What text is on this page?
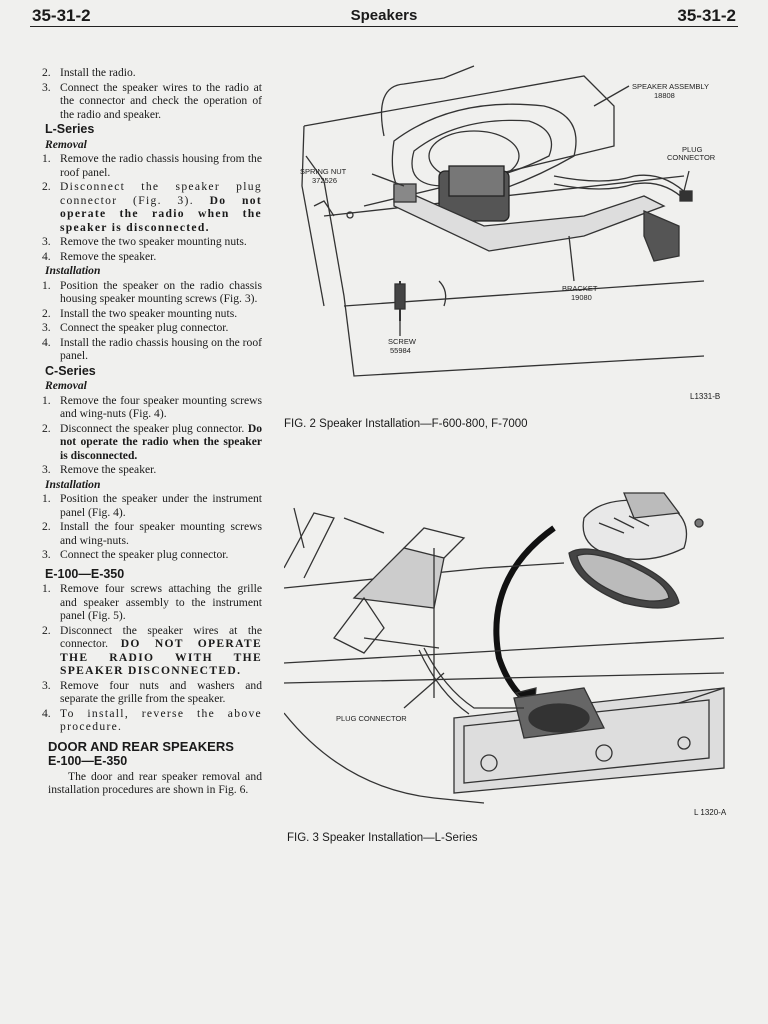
35-31-2	Speakers	35-31-2
2. Install the radio.
3. Connect the speaker wires to the radio at the connector and check the operation of the radio and speaker.
L-Series
Removal
1. Remove the radio chassis housing from the roof panel.
2. Disconnect the speaker plug connector (Fig. 3). Do not operate the radio when the speaker is disconnected.
3. Remove the two speaker mounting nuts.
4. Remove the speaker.
Installation
1. Position the speaker on the radio chassis housing speaker mounting screws (Fig. 3).
2. Install the two speaker mounting nuts.
3. Connect the speaker plug connector.
4. Install the radio chassis housing on the roof panel.
C-Series
Removal
1. Remove the four speaker mounting screws and wing-nuts (Fig. 4).
2. Disconnect the speaker plug connector. Do not operate the radio when the speaker is disconnected.
3. Remove the speaker.
Installation
1. Position the speaker under the instrument panel (Fig. 4).
2. Install the four speaker mounting screws and wing-nuts.
3. Connect the speaker plug connector.
E-100—E-350
1. Remove four screws attaching the grille and speaker assembly to the instrument panel (Fig. 5).
2. Disconnect the speaker wires at the connector. DO NOT OPERATE THE RADIO WITH THE SPEAKER DISCONNECTED.
3. Remove four nuts and washers and separate the grille from the speaker.
4. To install, reverse the above procedure.
DOOR AND REAR SPEAKERS
E-100—E-350
The door and rear speaker removal and installation procedures are shown in Fig. 6.
SPEAKER ASSEMBLY
18808
PLUG
CONNECTOR
SPRING NUT
372526
BRACKET
19080
SCREW
55984
L1331-B
FIG. 2 Speaker Installation—F-600-800, F-7000
PLUG CONNECTOR
L 1320-A
FIG. 3 Speaker Installation—L-Series
